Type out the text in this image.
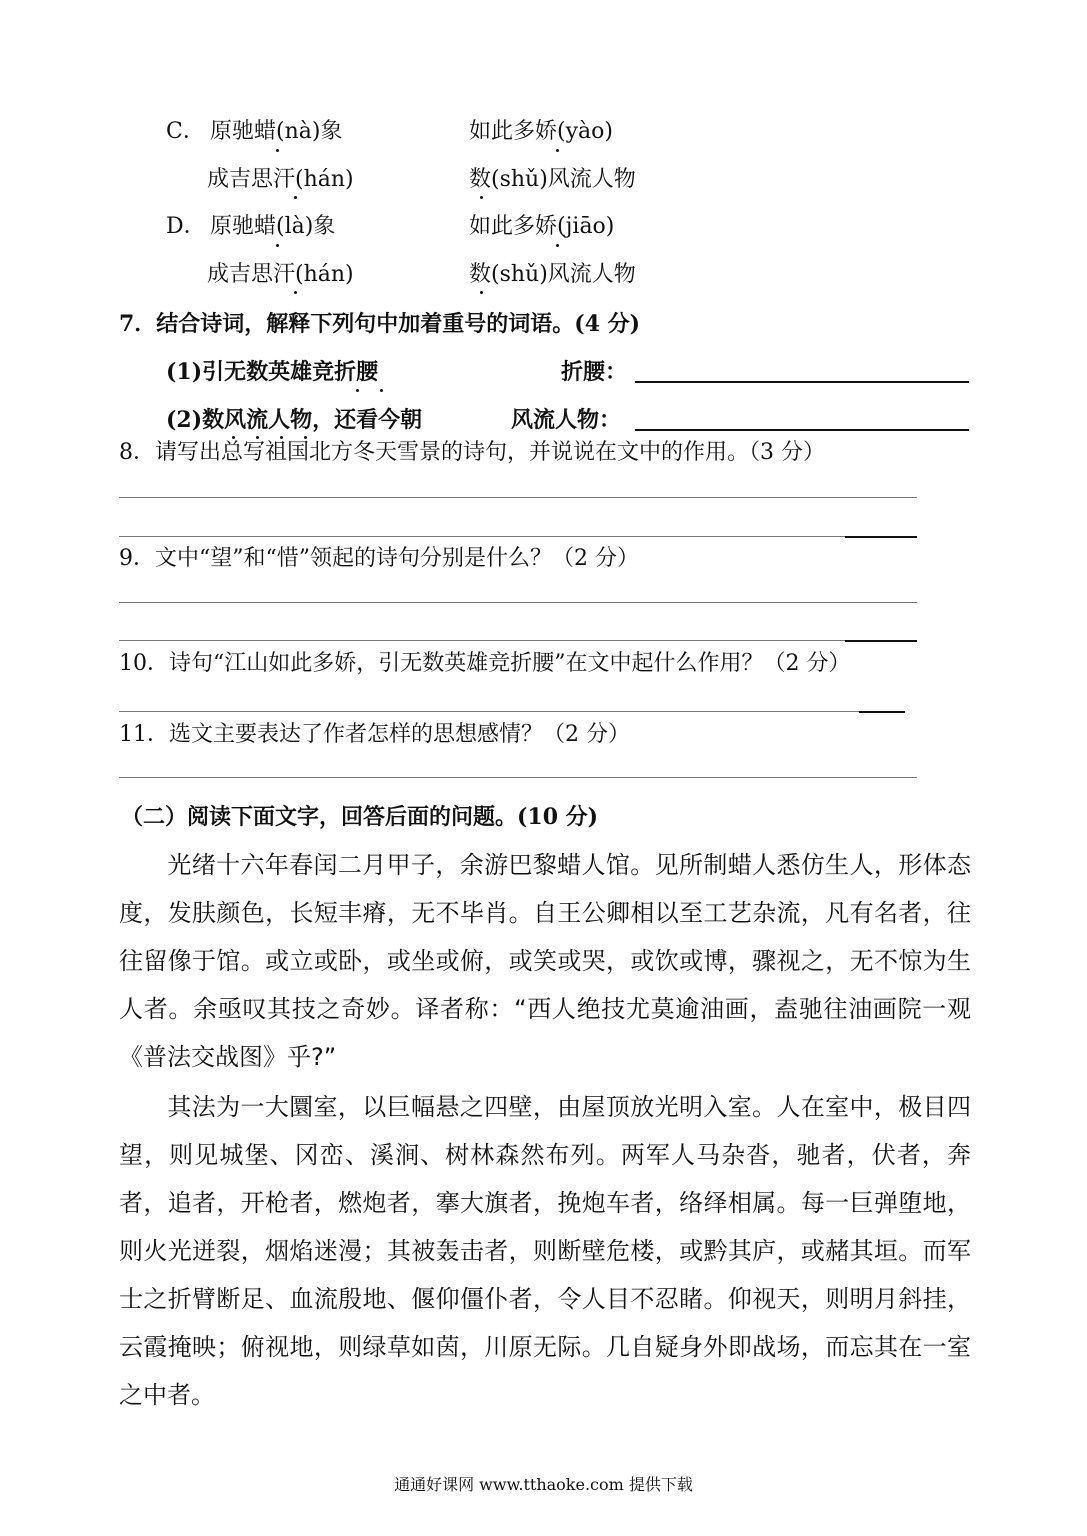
C． 原驰蜡(nà)象	如此多娇(yào)
成吉思汗(hán)	数(shǔ)风流人物
D． 原驰蜡(là)象	如此多娇(jiāo)
成吉思汗(hán)	数(shǔ)风流人物
7．结合诗词，解释下列句中加着重号的词语。(4 分)
(1)引无数英雄竞折腰	折腰：
(2)数风流人物，还看今朝	风流人物：
8．请写出总写祖国北方冬天雪景的诗句，并说说在文中的作用。（3 分）
9．文中“望”和“惜”领起的诗句分别是什么？（2 分）
10．诗句“江山如此多娇，引无数英雄竞折腰”在文中起什么作用？（2 分）
11．选文主要表达了作者怎样的思想感情？（2 分）
（二）阅读下面文字，回答后面的问题。(10 分)
光绪十六年春闰二月甲子，余游巴黎蜡人馆。见所制蜡人悉仿生人，形体态度，发肤颜色，长短丰瘠，无不毕肖。自王公卿相以至工艺杂流，凡有名者，往往留像于馆。或立或卧，或坐或俯，或笑或哭，或饮或博，骤视之，无不惊为生人者。余亟叹其技之奇妙。译者称：“西人绝技尤莫逾油画，盍驰往油画院一观《普法交战图》乎?”
其法为一大圜室，以巨幅悬之四壁，由屋顶放光明入室。人在室中，极目四望，则见城堡、冈峦、溪涧、树林森然布列。两军人马杂沓，驰者，伏者，奔者，追者，开枪者，燃炮者，搴大旗者，挽炮车者，络绎相属。每一巨弹堕地，则火光迸裂，烟焰迷漫；其被轰击者，则断壁危楼，或黔其庐，或赭其垣。而军士之折臂断足、血流殷地、偃仰僵仆者，令人目不忍睹。仰视天，则明月斜挂，云霞掩映；俯视地，则绿草如茵，川原无际。几自疑身外即战场，而忘其在一室之中者。
通通好课网 www.tthaoke.com 提供下载
